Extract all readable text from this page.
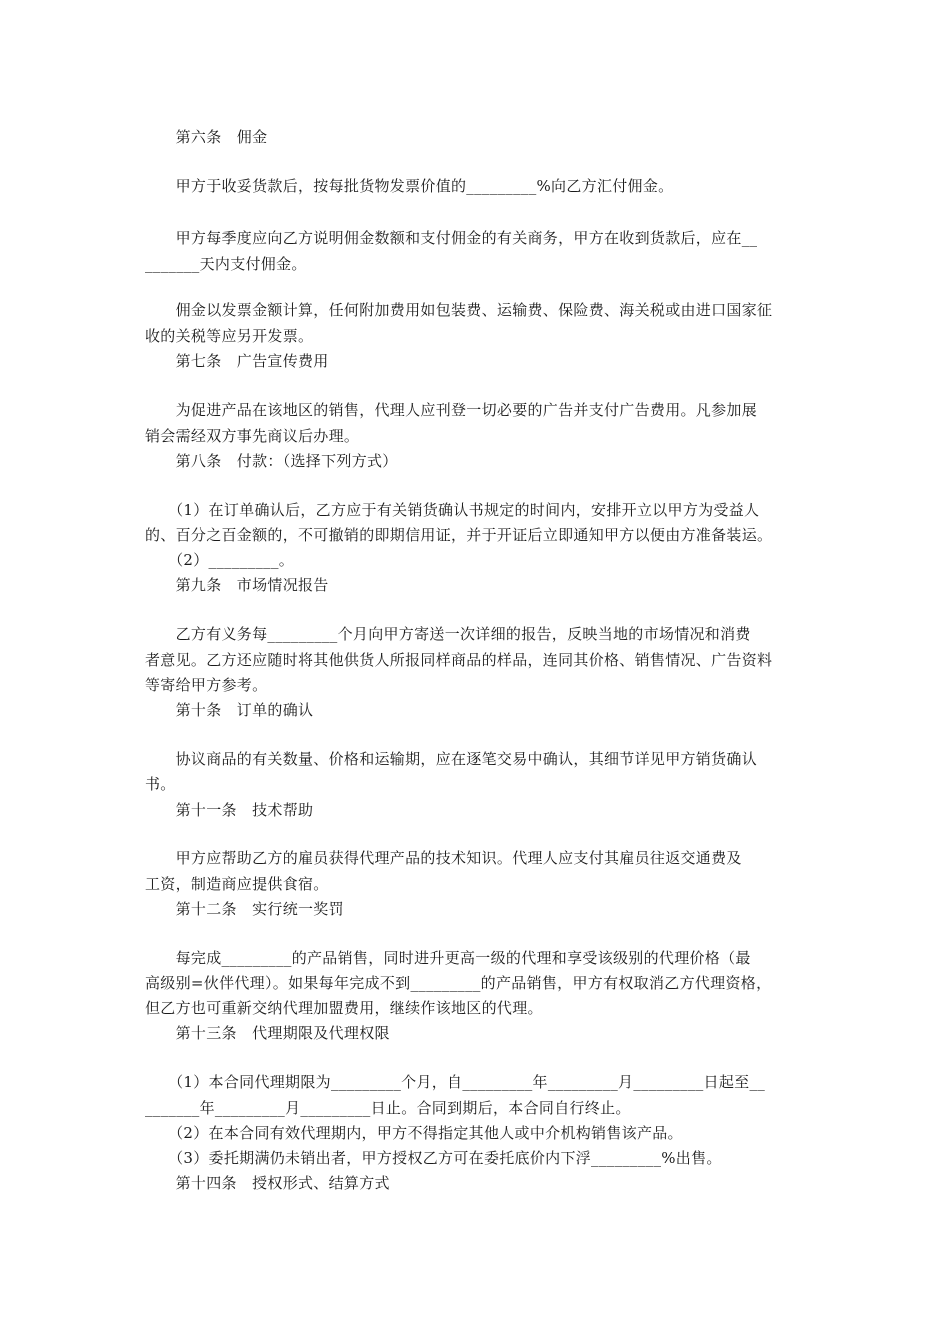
　　第六条　佣金
　　甲方于收妥货款后，按每批货物发票价值的_________%向乙方汇付佣金。
　　甲方每季度应向乙方说明佣金数额和支付佣金的有关商务，甲方在收到货款后，应在__
_______天内支付佣金。
　　佣金以发票金额计算，任何附加费用如包装费、运输费、保险费、海关税或由进口国家征
收的关税等应另开发票。
　　第七条　广告宣传费用
　　为促进产品在该地区的销售，代理人应刊登一切必要的广告并支付广告费用。凡参加展
销会需经双方事先商议后办理。
　　第八条　付款：（选择下列方式）
　　（1）在订单确认后，乙方应于有关销货确认书规定的时间内，安排开立以甲方为受益人
的、百分之百金额的，不可撤销的即期信用证，并于开证后立即通知甲方以便由方准备装运。
　　（2）_________。
　　第九条　市场情况报告
　　乙方有义务每_________个月向甲方寄送一次详细的报告，反映当地的市场情况和消费
者意见。乙方还应随时将其他供货人所报同样商品的样品，连同其价格、销售情况、广告资料
等寄给甲方参考。
　　第十条　订单的确认
　　协议商品的有关数量、价格和运输期，应在逐笔交易中确认，其细节详见甲方销货确认
书。
　　第十一条　技术帮助
　　甲方应帮助乙方的雇员获得代理产品的技术知识。代理人应支付其雇员往返交通费及
工资，制造商应提供食宿。
　　第十二条　实行统一奖罚
　　每完成_________的产品销售，同时进升更高一级的代理和享受该级别的代理价格（最
高级别=伙伴代理）。如果每年完成不到_________的产品销售，甲方有权取消乙方代理资格，
但乙方也可重新交纳代理加盟费用，继续作该地区的代理。
　　第十三条　代理期限及代理权限
　　（1）本合同代理期限为_________个月，自_________年_________月_________日起至__
_______年_________月_________日止。合同到期后，本合同自行终止。
　　（2）在本合同有效代理期内，甲方不得指定其他人或中介机构销售该产品。
　　（3）委托期满仍未销出者，甲方授权乙方可在委托底价内下浮_________%出售。
　　第十四条　授权形式、结算方式
